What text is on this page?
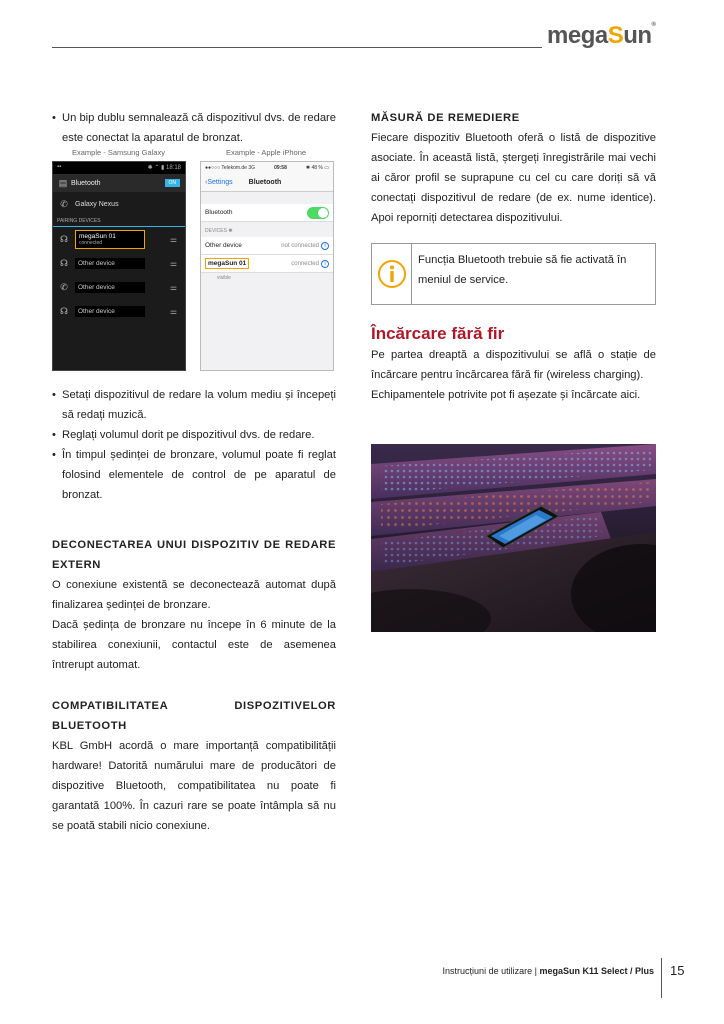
megaSun®
• Un bip dublu semnalează că dispozitivul dvs. de redare este conectat la aparatul de bronzat.
Example - Samsung Galaxy	Example - Apple iPhone
▪▪	✱ ⌃ ▮ 18:18
▤ Bluetooth	ON
✆ Galaxy Nexus
PAIRING DEVICES
☊	megaSun 01
connected	⚌
☊	Other device	⚌
✆	Other device	⚌
☊	Other device	⚌
●●○○○ Telekom.de 3G	09:58	✱ 48 % ▭
‹ Settings Bluetooth
Bluetooth
DEVICES ✺
Other device	not connected i
megaSun 01	connected i
visible
• Setați dispozitivul de redare la volum mediu și începeți să redați muzică.
• Reglați volumul dorit pe dispozitivul dvs. de redare.
• În timpul ședinței de bronzare, volumul poate fi reglat folosind elementele de control de pe aparatul de bronzat.
DECONECTAREA UNUI DISPOZITIV DE REDARE EXTERN

O conexiune existentă se deconectează automat după finalizarea ședinței de bronzare.

Dacă ședința de bronzare nu începe în 6 minute de la stabilirea conexiunii, contactul este de asemenea întrerupt automat.

COMPATIBILITATEA DISPOZITIVELOR BLUETOOTH

KBL GmbH acordă o mare importanță compatibilității hardware! Datorită numărului mare de producători de dispozitive Bluetooth, compatibilitatea nu poate fi garantată 100%. În cazuri rare se poate întâmpla să nu se poată stabili nicio conexiune.

MĂSURĂ DE REMEDIERE

Fiecare dispozitiv Bluetooth oferă o listă de dispozitive asociate. În această listă, ștergeți înregistrările mai vechi ai căror profil se suprapune cu cel cu care doriți să vă conectați dispozitivul de redare (de ex. nume identice). Apoi reporniți detectarea dispozitivului.

Funcția Bluetooth trebuie să fie activată în meniul de service.
Încărcare fără fir

Pe partea dreaptă a dispozitivului se află o stație de încărcare pentru încărcarea fără fir (wireless charging).

Echipamentele potrivite pot fi așezate și încărcate aici.

Instrucțiuni de utilizare | megaSun K11 Select / Plus 15
